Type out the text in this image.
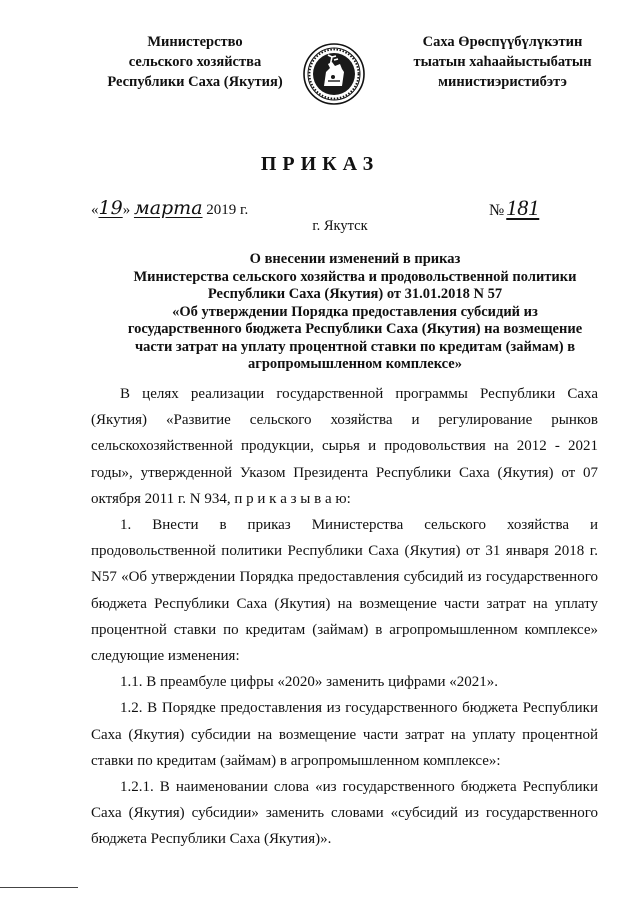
Министерство
сельского хозяйства
Республики Саха (Якутия)
Саха Өрөспүүбүлүкэтин
тыатын хаһаайыстыбатын
министиэристибэтэ
ПРИКАЗ
«19» марта 2019 г.	№181
г. Якутск
О внесении изменений в приказ
Министерства сельского хозяйства и продовольственной политики
Республики Саха (Якутия) от 31.01.2018 N 57
«Об утверждении Порядка предоставления субсидий из
государственного бюджета Республики Саха (Якутия) на возмещение
части затрат на уплату процентной ставки по кредитам (займам) в
агропромышленном комплексе»

В целях реализации государственной программы Республики Саха (Якутия) «Развитие сельского хозяйства и регулирование рынков сельскохозяйственной продукции, сырья и продовольствия на 2012 - 2021 годы», утвержденной Указом Президента Республики Саха (Якутия) от 07 октября 2011 г. N 934, п р и к а з ы в а ю:

1. Внести в приказ Министерства сельского хозяйства и продовольственной политики Республики Саха (Якутия) от 31 января 2018 г. N57 «Об утверждении Порядка предоставления субсидий из государственного бюджета Республики Саха (Якутия) на возмещение части затрат на уплату процентной ставки по кредитам (займам) в агропромышленном комплексе» следующие изменения:

1.1. В преамбуле цифры «2020» заменить цифрами «2021».

1.2. В Порядке предоставления из государственного бюджета Республики Саха (Якутия) субсидии на возмещение части затрат на уплату процентной ставки по кредитам (займам) в агропромышленном комплексе»:

1.2.1. В наименовании слова «из государственного бюджета Республики Саха (Якутия) субсидии» заменить словами «субсидий из государственного бюджета Республики Саха (Якутия)».
